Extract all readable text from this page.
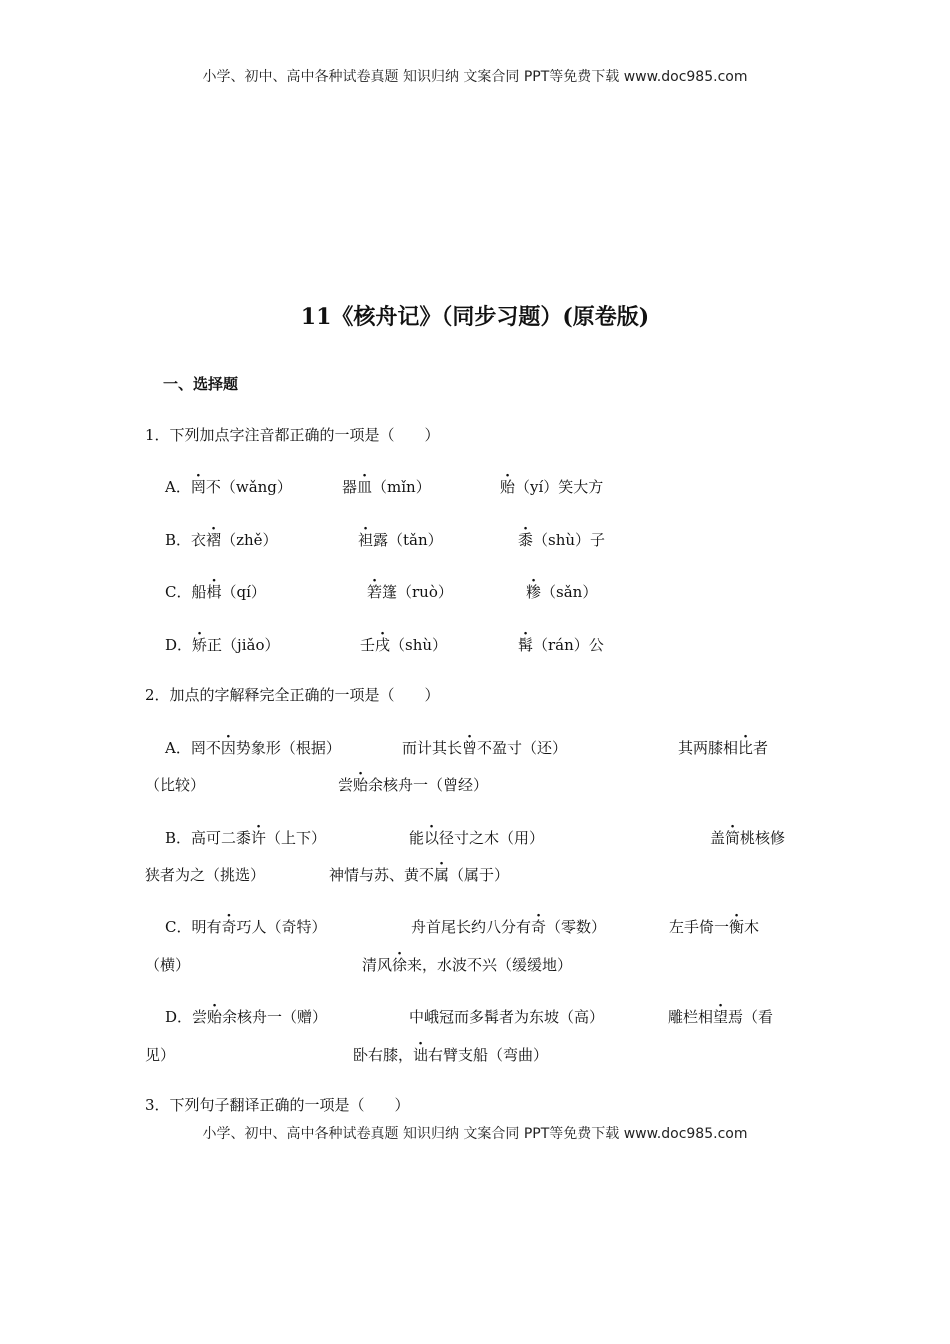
小学、初中、高中各种试卷真题 知识归纳 文案合同 PPT等免费下载 www.doc985.com
11《核舟记》（同步习题）(原卷版)
一、选择题
1．下列加点字注音都正确的一项是（　　）
A．罔不（wǎng）	器皿（mǐn）	贻（yí）笑大方
B．衣褶（zhě）	袒露（tǎn）	黍（shù）子
C．船楫（qí）	箬篷（ruò）	糁（sǎn）
D．矫正（jiǎo）	壬戌（shù）	髯（rán）公
2．加点的字解释完全正确的一项是（　　）
A．罔不因势象形（根据）	而计其长曾不盈寸（还）	其两膝相比者
（比较）	尝贻余核舟一（曾经）
B．高可二黍许（上下）	能以径寸之木（用）	盖简桃核修
狭者为之（挑选）	神情与苏、黄不属（属于）
C．明有奇巧人（奇特）	舟首尾长约八分有奇（零数）	左手倚一衡木
（横）	清风徐来，水波不兴（缓缓地）
D．尝贻余核舟一（赠）	中峨冠而多髯者为东坡（高）	雕栏相望焉（看
见）	卧右膝，诎右臂支船（弯曲）
3．下列句子翻译正确的一项是（　　）
小学、初中、高中各种试卷真题 知识归纳 文案合同 PPT等免费下载 www.doc985.com
